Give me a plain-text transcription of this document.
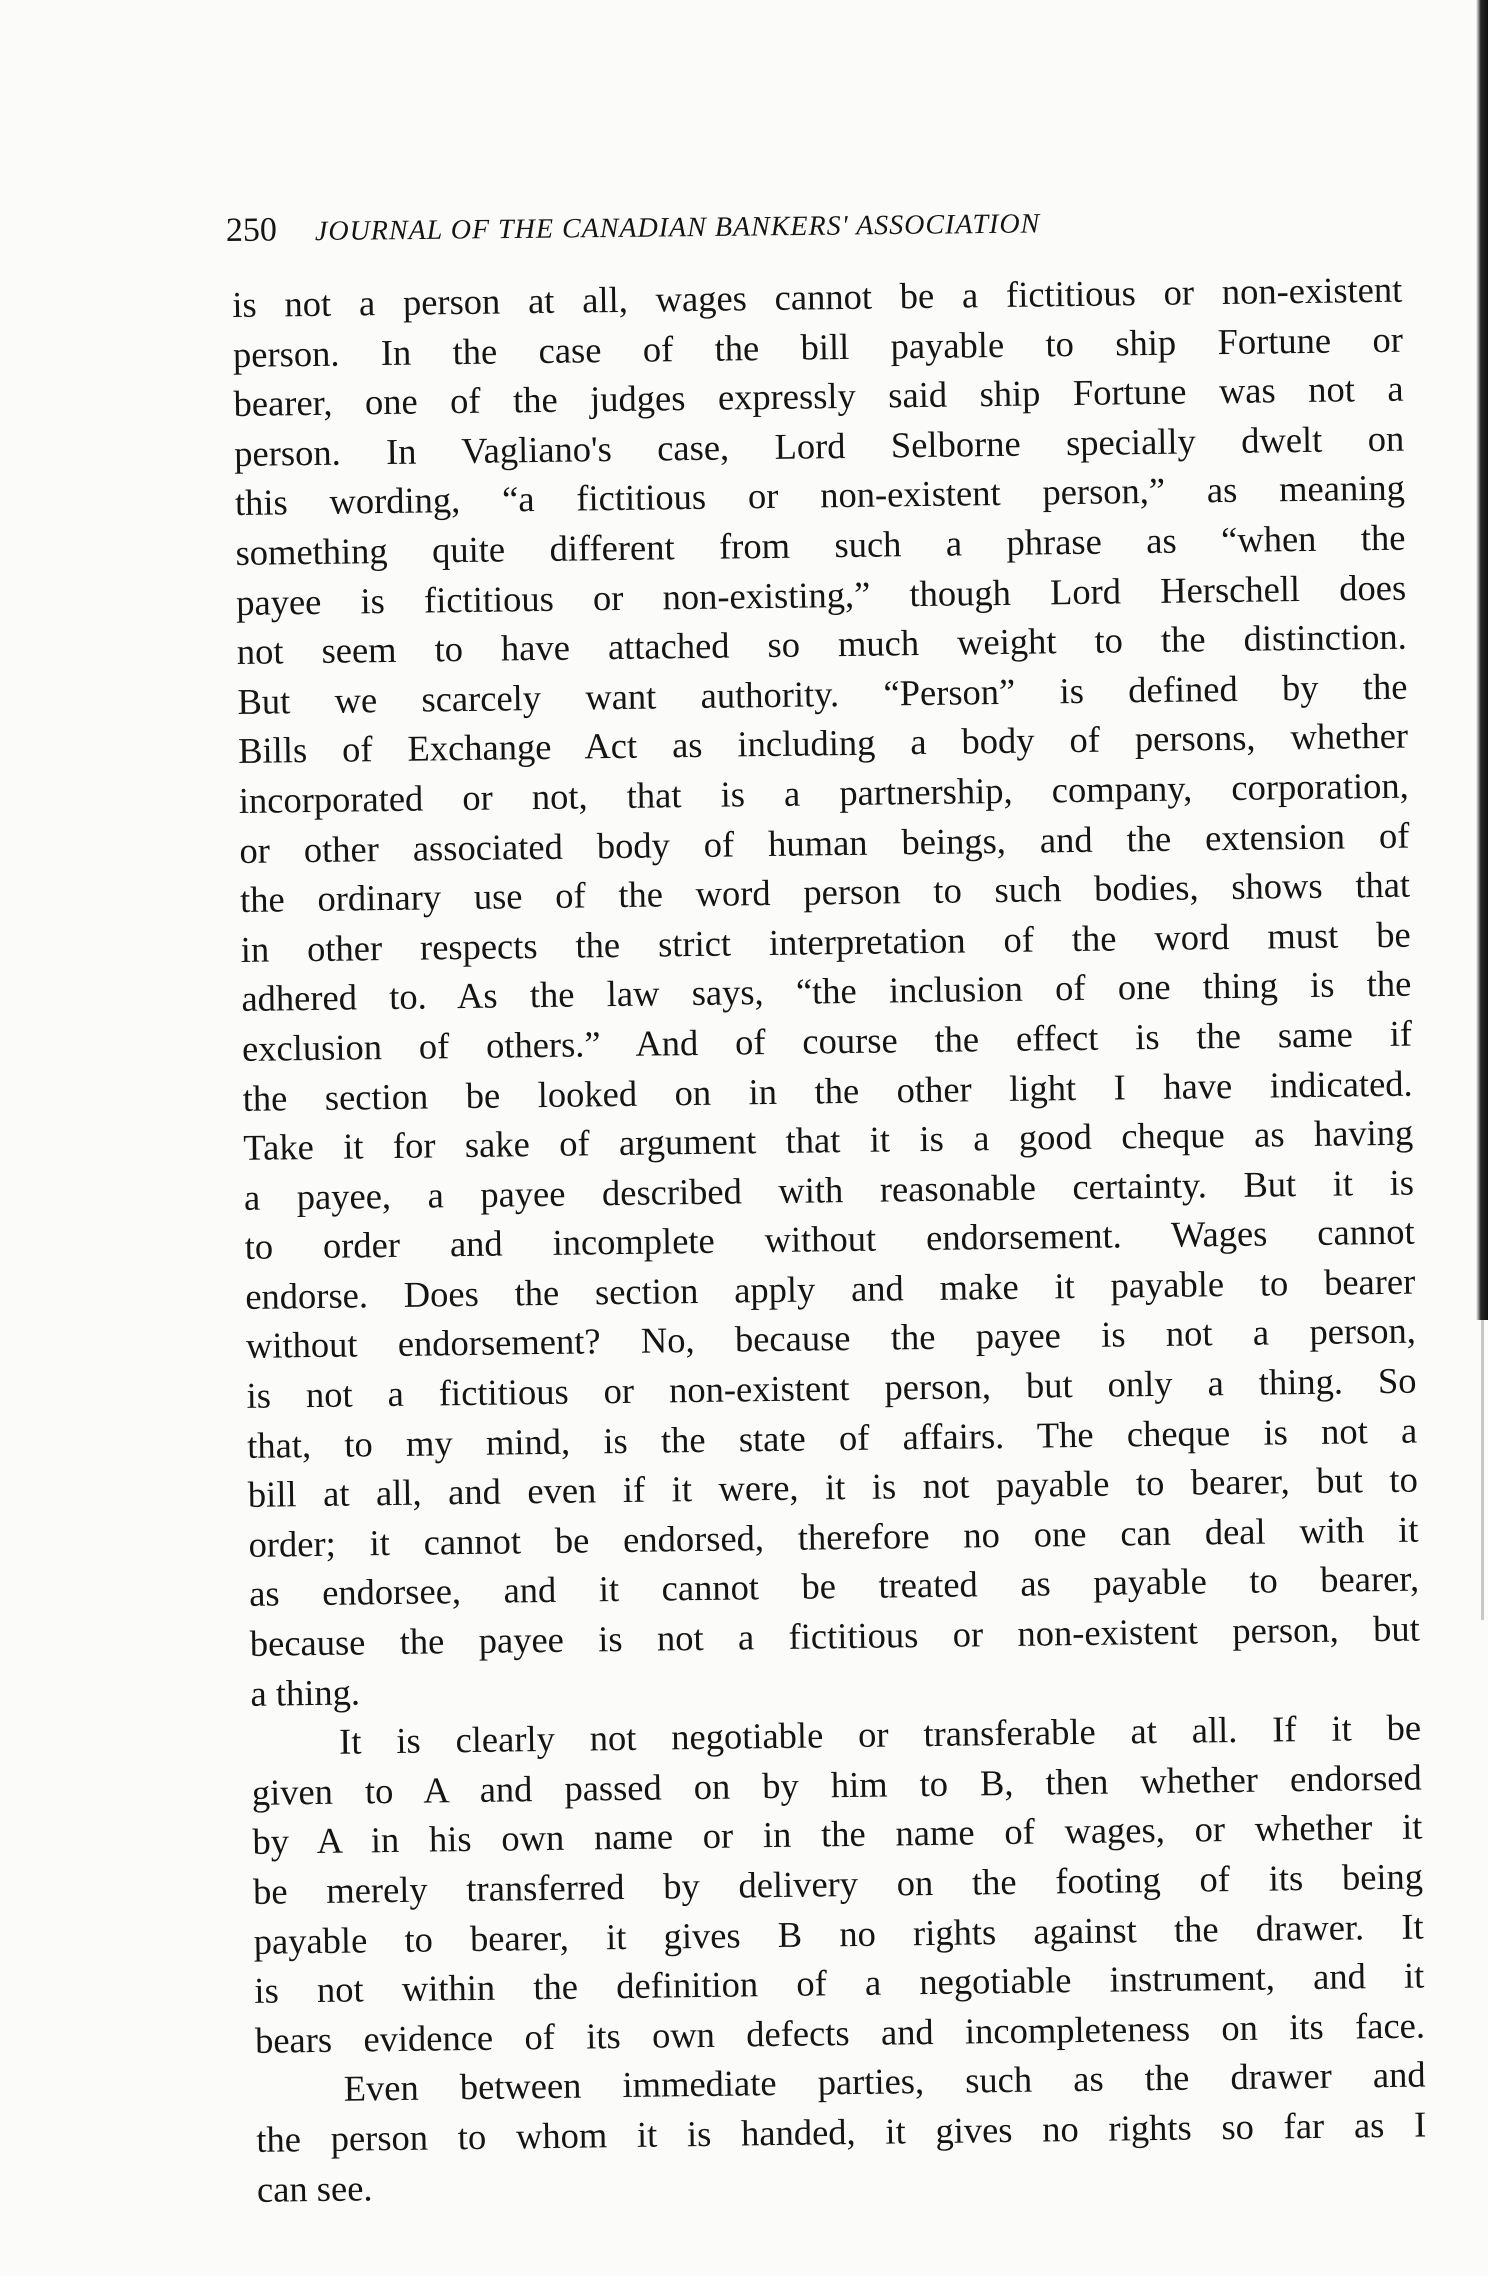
250 JOURNAL OF THE CANADIAN BANKERS' ASSOCIATION
is not a person at all, wages cannot be a fictitious or non-existent
person. In the case of the bill payable to ship Fortune or
bearer, one of the judges expressly said ship Fortune was not a
person. In Vagliano's case, Lord Selborne specially dwelt on
this wording, “a fictitious or non-existent person,” as meaning
something quite different from such a phrase as “when the
payee is fictitious or non-existing,” though Lord Herschell does
not seem to have attached so much weight to the distinction.
But we scarcely want authority. “Person” is defined by the
Bills of Exchange Act as including a body of persons, whether
incorporated or not, that is a partnership, company, corporation,
or other associated body of human beings, and the extension of
the ordinary use of the word person to such bodies, shows that
in other respects the strict interpretation of the word must be
adhered to. As the law says, “the inclusion of one thing is the
exclusion of others.” And of course the effect is the same if
the section be looked on in the other light I have indicated.
Take it for sake of argument that it is a good cheque as having
a payee, a payee described with reasonable certainty. But it is
to order and incomplete without endorsement. Wages cannot
endorse. Does the section apply and make it payable to bearer
without endorsement? No, because the payee is not a person,
is not a fictitious or non-existent person, but only a thing. So
that, to my mind, is the state of affairs. The cheque is not a
bill at all, and even if it were, it is not payable to bearer, but to
order; it cannot be endorsed, therefore no one can deal with it
as endorsee, and it cannot be treated as payable to bearer,
because the payee is not a fictitious or non-existent person, but
a thing.
It is clearly not negotiable or transferable at all. If it be
given to A and passed on by him to B, then whether endorsed
by A in his own name or in the name of wages, or whether it
be merely transferred by delivery on the footing of its being
payable to bearer, it gives B no rights against the drawer. It
is not within the definition of a negotiable instrument, and it
bears evidence of its own defects and incompleteness on its face.
Even between immediate parties, such as the drawer and
the person to whom it is handed, it gives no rights so far as I
can see.
